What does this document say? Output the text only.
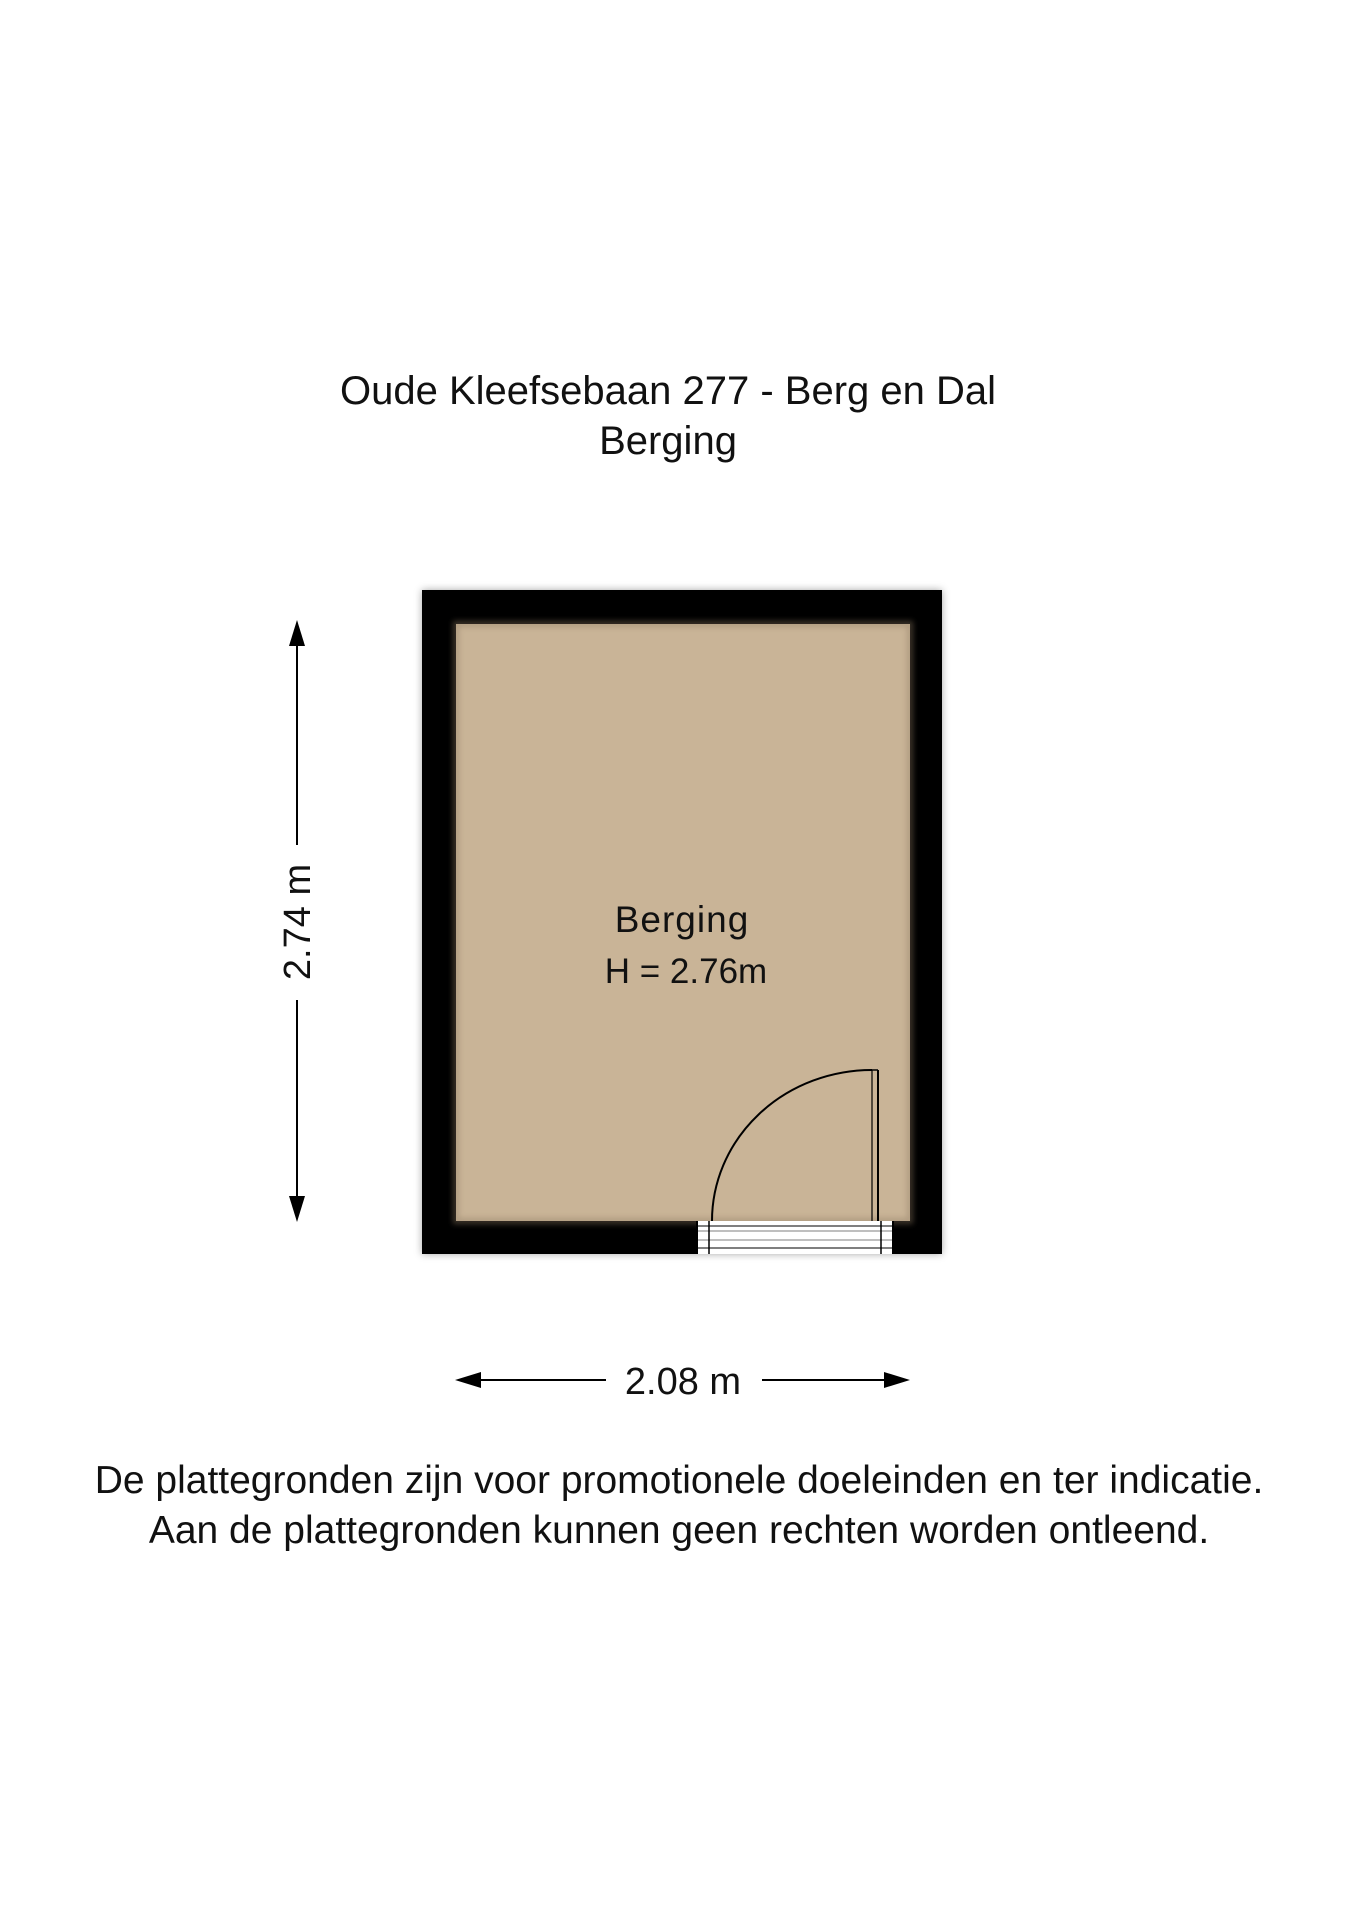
Oude Kleefsebaan 277 - Berg en Dal
Berging
Berging
H = 2.76m
2.74 m
2.08 m
De plattegronden zijn voor promotionele doeleinden en ter indicatie.
Aan de plattegronden kunnen geen rechten worden ontleend.
